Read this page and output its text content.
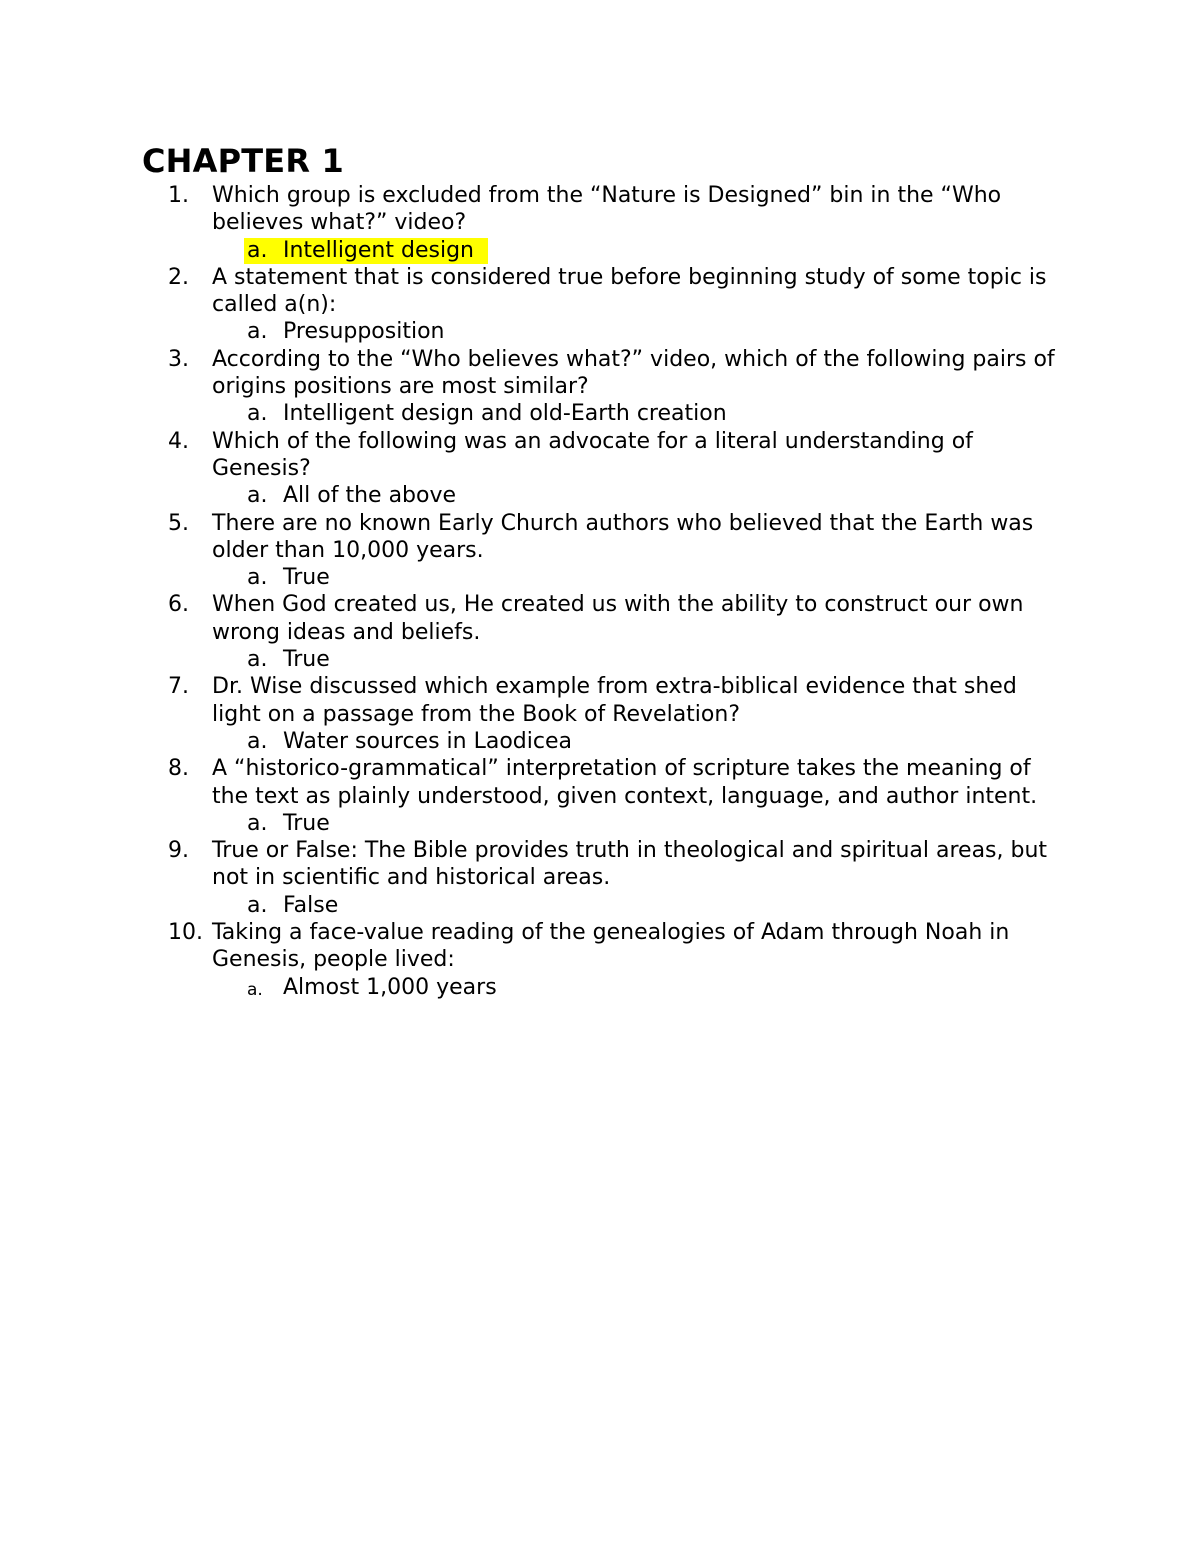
CHAPTER 1
1. Which group is excluded from the “Nature is Designed” bin in the “Who believes what?” video?
a. Intelligent design
2. A statement that is considered true before beginning study of some topic is called a(n):
a. Presupposition
3. According to the “Who believes what?” video, which of the following pairs of origins positions are most similar?
a. Intelligent design and old-Earth creation
4. Which of the following was an advocate for a literal understanding of Genesis?
a. All of the above
5. There are no known Early Church authors who believed that the Earth was older than 10,000 years.
a. True
6. When God created us, He created us with the ability to construct our own wrong ideas and beliefs.
a. True
7. Dr. Wise discussed which example from extra-biblical evidence that shed light on a passage from the Book of Revelation?
a. Water sources in Laodicea
8. A “historico-grammatical” interpretation of scripture takes the meaning of the text as plainly understood, given context, language, and author intent.
a. True
9. True or False: The Bible provides truth in theological and spiritual areas, but not in scientific and historical areas.
a. False
10. Taking a face-value reading of the genealogies of Adam through Noah in Genesis, people lived:
a. Almost 1,000 years
